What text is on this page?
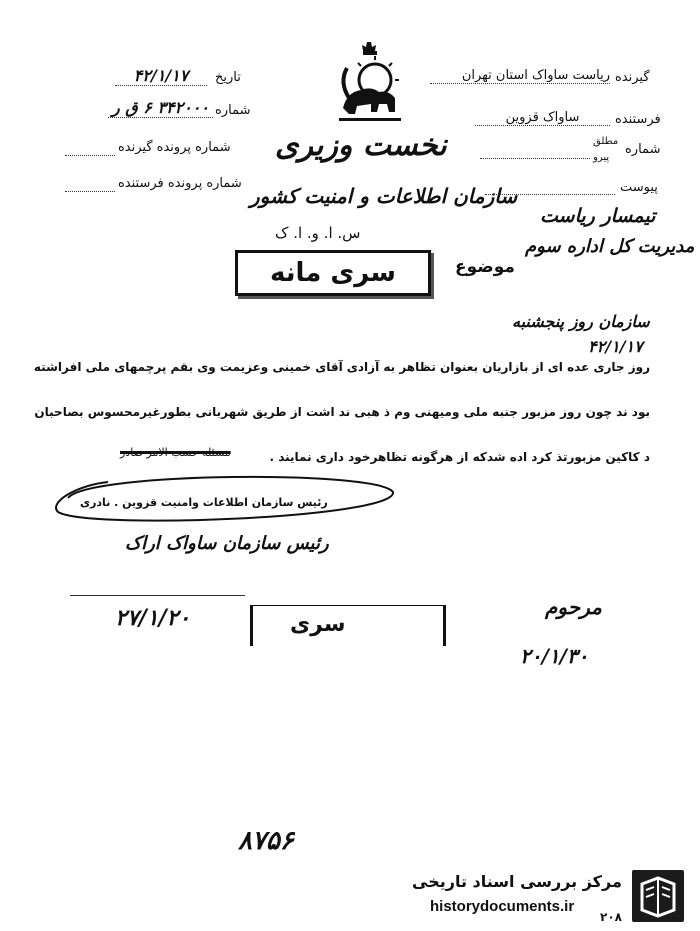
تاریخ
۴۲/۱/۱۷
شماره
۳۴۲۰۰۰ ۶ ق ر
شماره پرونده گیرنده
شماره پرونده فرستنده
نخست وزیری
سازمان اطلاعات و امنیت کشور
س. ا. و. ا. ک
سری مانه
گیرنده
ریاست ساواک استان تهران
فرستنده
ساواک قزوین
شماره
مطلق
پیرو
پیوست
موضوع
تیمسار ریاست
مدیریت کل اداره سوم
سازمان روز پنجشنبه
۴۲/۱/۱۷
روز جاری عده ای از بازاریان بعنوان تظاهر به آزادی آقای خمینی وعزیمت وی بقم پرچمهای ملی افراشته
بود ند چون روز مزبور جنبه ملی ومیهنی وم ذ هبی ند اشت از طریق شهربانی بطورغیرمحسوس بصاحبان
د کاکین مزبورتذ کرد اده شدکه از هرگونه تظاهرخود داری نمایند .
مسئله حسب الامر صادر
رئیس سازمان اطلاعات وامنیت قزوین . نادری
رئیس سازمان ساواک اراک
۲۷/۱/۲۰	سری
مرحوم
۲۰/۱/۳۰
۸۷۵۶
مرکز بررسی اسناد تاریخی
historydocuments.ir
۲۰۸
